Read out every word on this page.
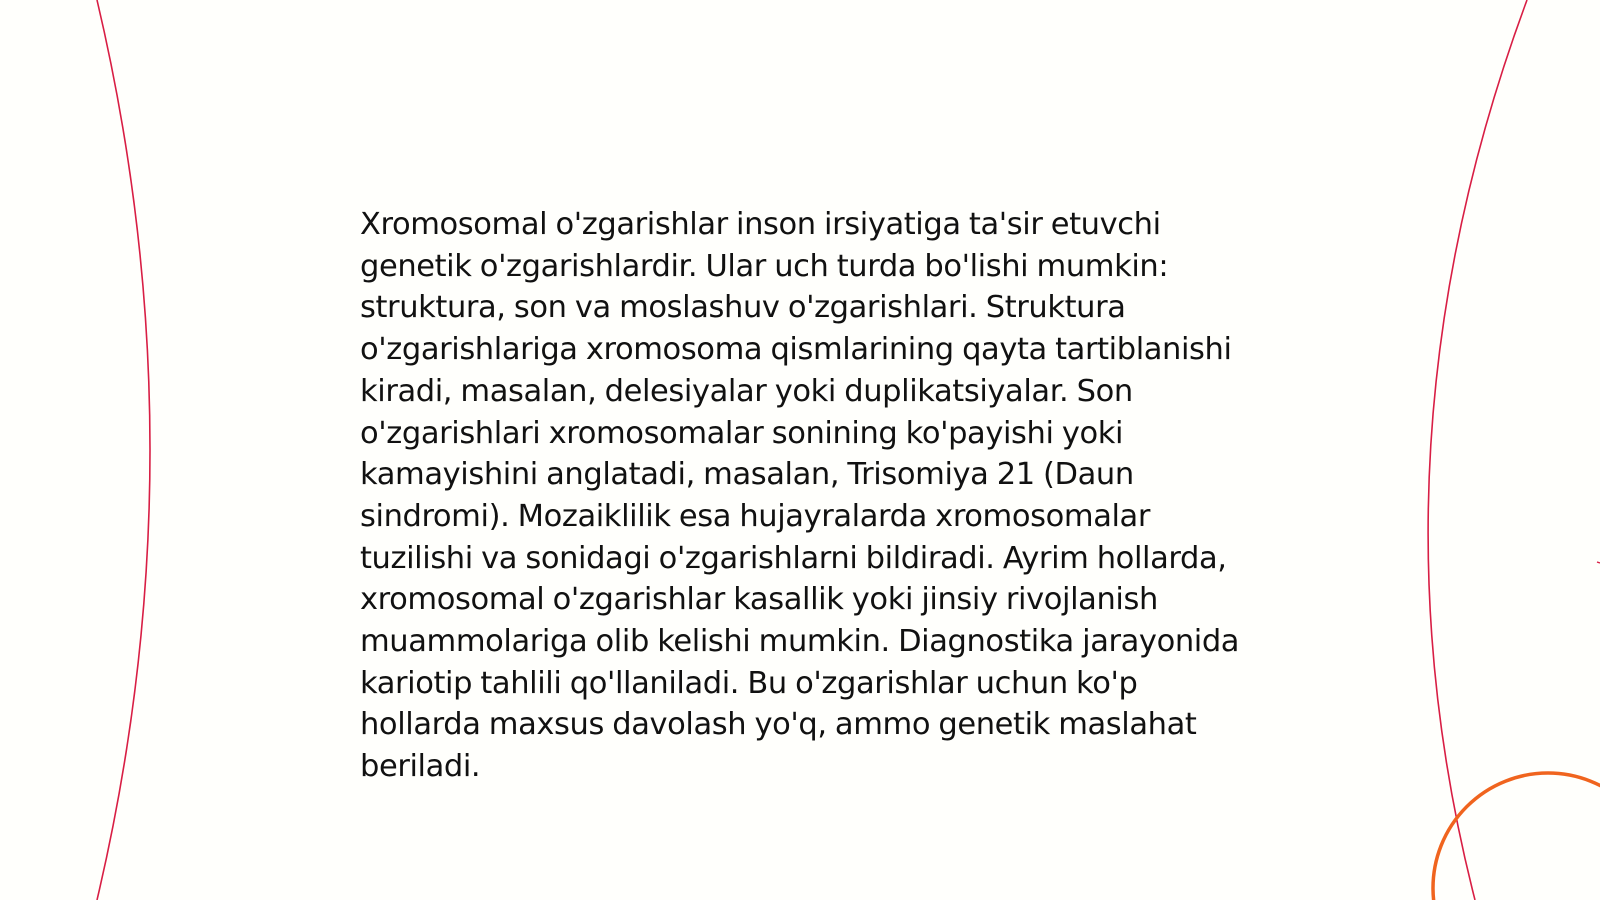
Xromosomal o'zgarishlar inson irsiyatiga ta'sir etuvchi genetik o'zgarishlardir. Ular uch turda bo'lishi mumkin: struktura, son va moslashuv o'zgarishlari. Struktura o'zgarishlariga xromosoma qismlarining qayta tartiblanishi kiradi, masalan, delesiyalar yoki duplikatsiyalar. Son o'zgarishlari xromosomalar sonining ko'payishi yoki kamayishini anglatadi, masalan, Trisomiya 21 (Daun sindromi). Mozaiklilik esa hujayralarda xromosomalar tuzilishi va sonidagi o'zgarishlarni bildiradi. Ayrim hollarda, xromosomal o'zgarishlar kasallik yoki jinsiy rivojlanish muammolariga olib kelishi mumkin. Diagnostika jarayonida kariotip tahlili qo'llaniladi. Bu o'zgarishlar uchun ko'p hollarda maxsus davolash yo'q, ammo genetik maslahat beriladi.
